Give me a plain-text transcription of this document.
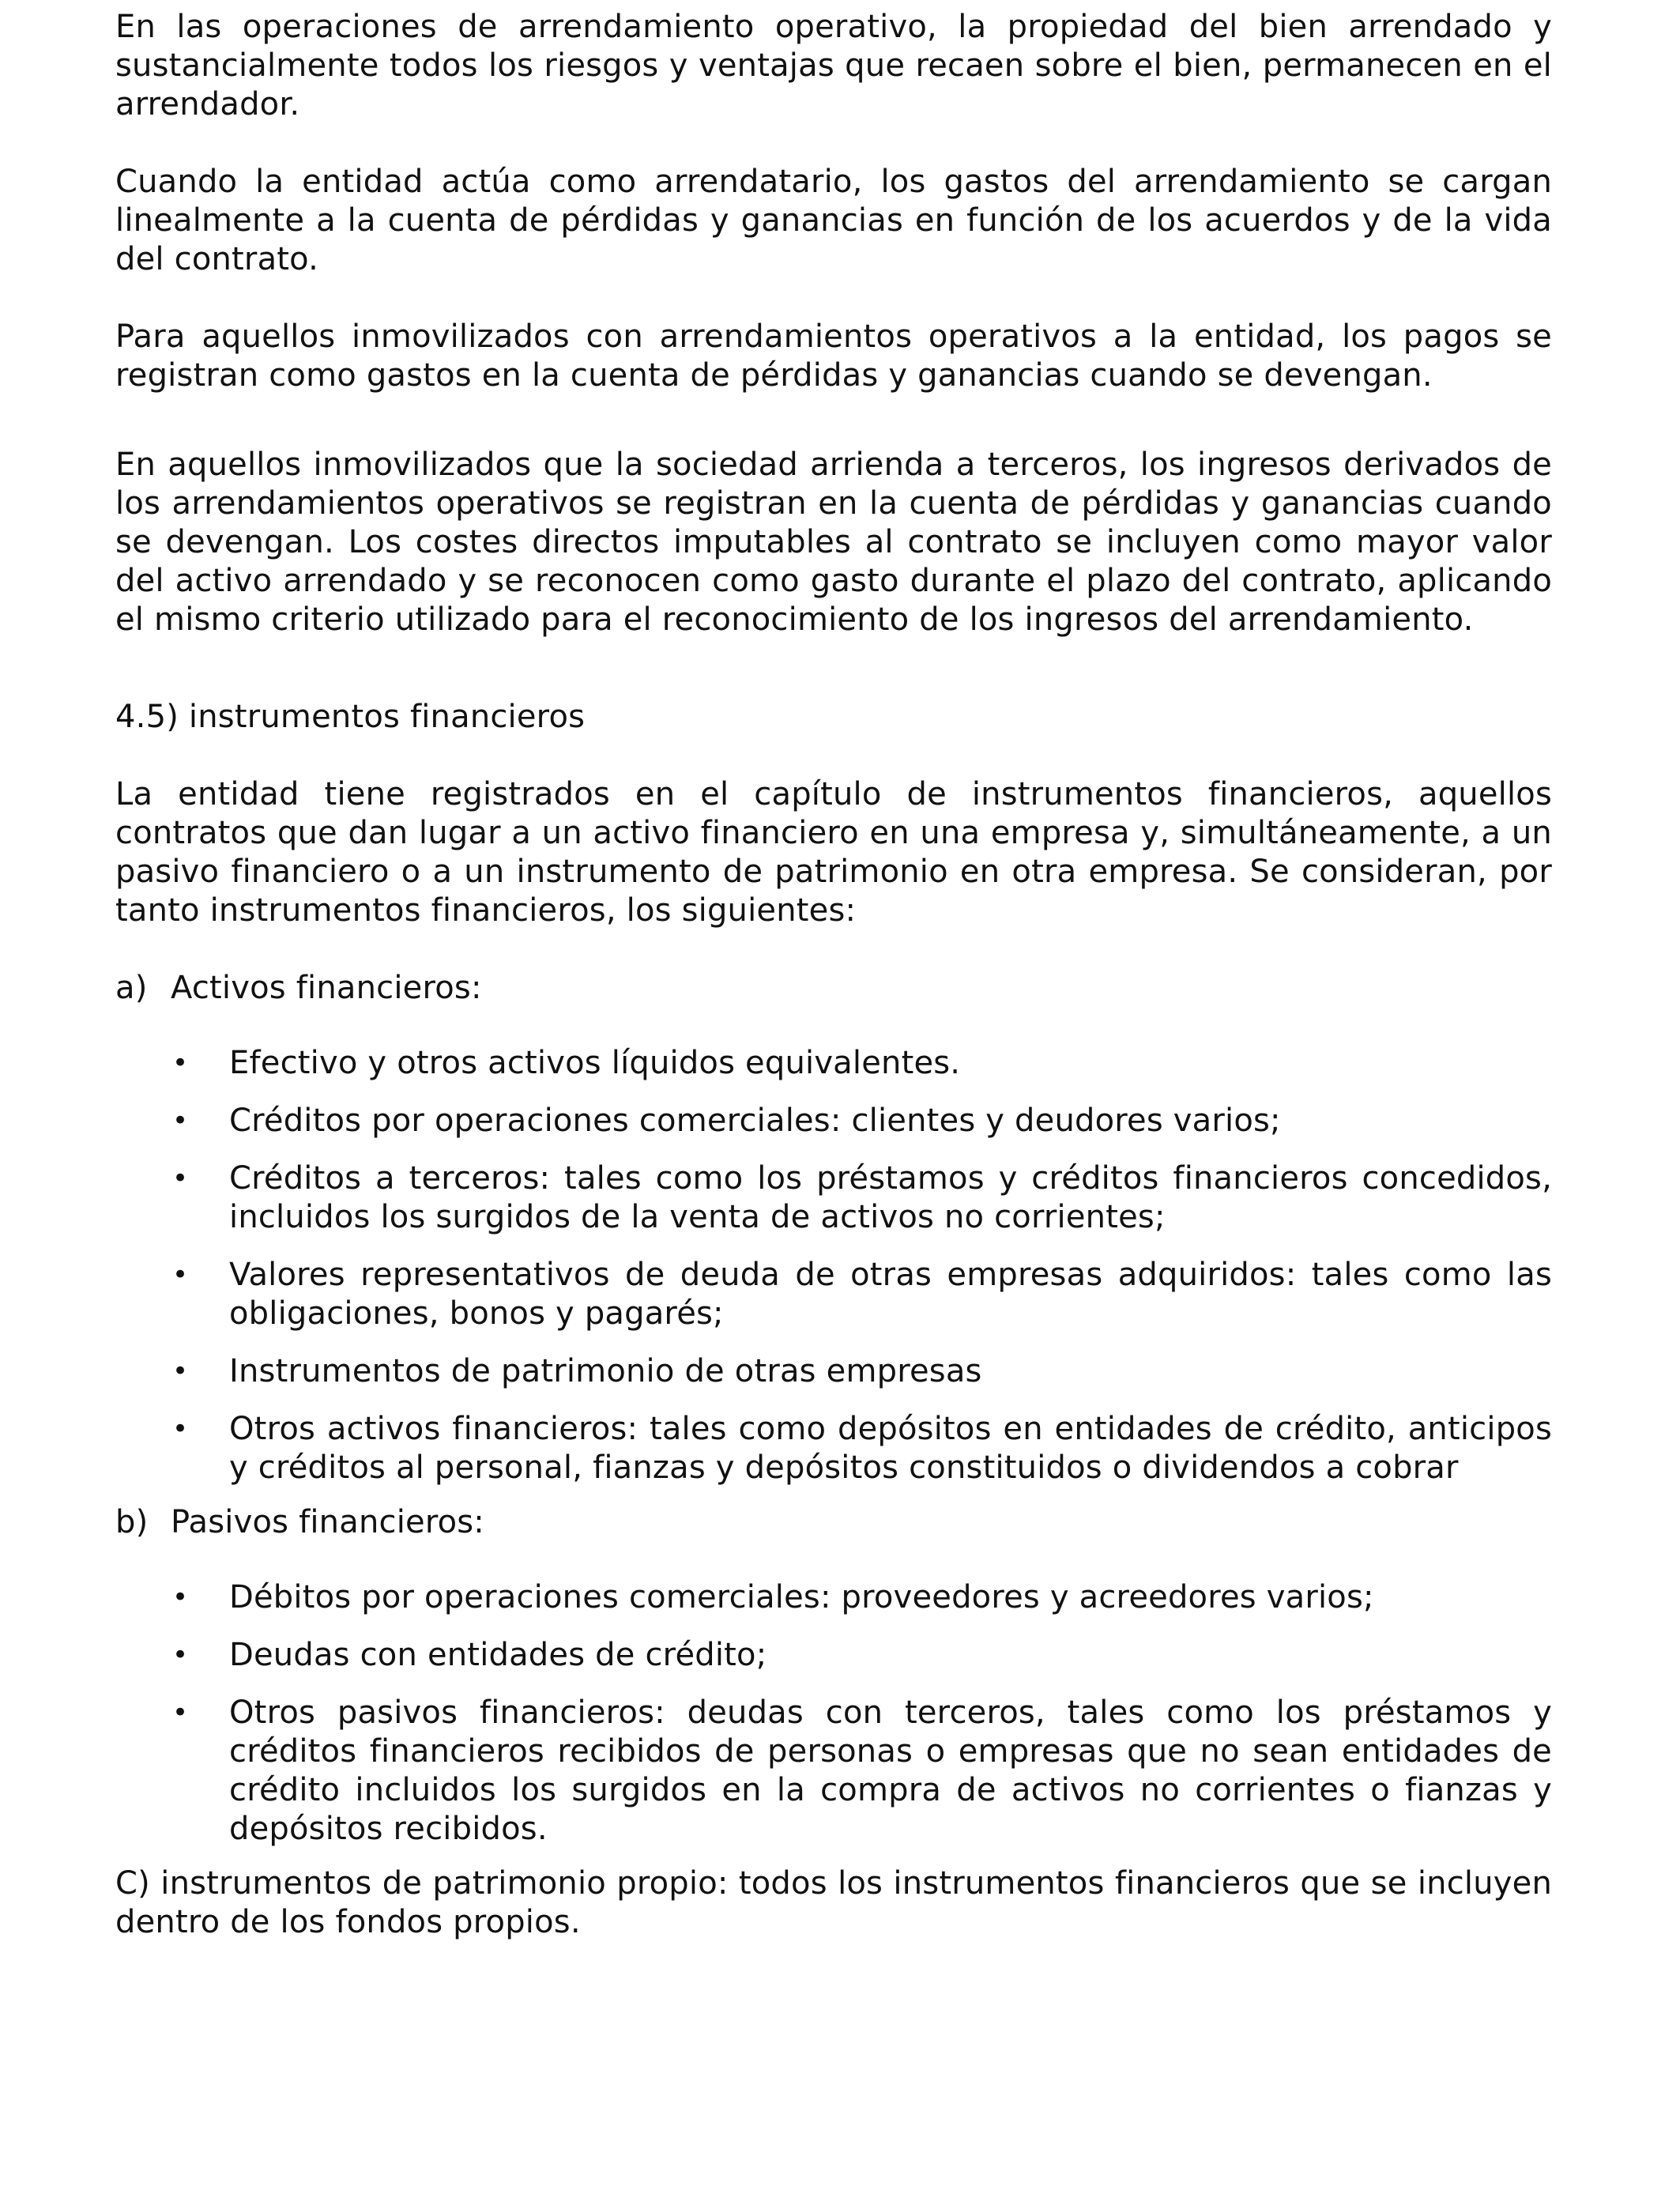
En las operaciones de arrendamiento operativo, la propiedad del bien arrendado y sustancialmente todos los riesgos y ventajas que recaen sobre el bien, permanecen en el arrendador.

Cuando la entidad actúa como arrendatario, los gastos del arrendamiento se cargan linealmente a la cuenta de pérdidas y ganancias en función de los acuerdos y de la vida del contrato.

Para aquellos inmovilizados con arrendamientos operativos a la entidad, los pagos se registran como gastos en la cuenta de pérdidas y ganancias cuando se devengan.

En aquellos inmovilizados que la sociedad arrienda a terceros, los ingresos derivados de los arrendamientos operativos se registran en la cuenta de pérdidas y ganancias cuando se devengan. Los costes directos imputables al contrato se incluyen como mayor valor del activo arrendado y se reconocen como gasto durante el plazo del contrato, aplicando el mismo criterio utilizado para el reconocimiento de los ingresos del arrendamiento.

4.5) instrumentos financieros

La entidad tiene registrados en el capítulo de instrumentos financieros, aquellos contratos que dan lugar a un activo financiero en una empresa y, simultáneamente, a un pasivo financiero o a un instrumento de patrimonio en otra empresa. Se consideran, por tanto instrumentos financieros, los siguientes:

a) Activos financieros:
•	Efectivo y otros activos líquidos equivalentes.
•	Créditos por operaciones comerciales: clientes y deudores varios;
•	Créditos a terceros: tales como los préstamos y créditos financieros concedidos, incluidos los surgidos de la venta de activos no corrientes;
•	Valores representativos de deuda de otras empresas adquiridos: tales como las obligaciones, bonos y pagarés;
•	Instrumentos de patrimonio de otras empresas
•	Otros activos financieros: tales como depósitos en entidades de crédito, anticipos y créditos al personal, fianzas y depósitos constituidos o dividendos a cobrar
b) Pasivos financieros:
•	Débitos por operaciones comerciales: proveedores y acreedores varios;
•	Deudas con entidades de crédito;
•	Otros pasivos financieros: deudas con terceros, tales como los préstamos y créditos financieros recibidos de personas o empresas que no sean entidades de crédito incluidos los surgidos en la compra de activos no corrientes o fianzas y depósitos recibidos.

C) instrumentos de patrimonio propio: todos los instrumentos financieros que se incluyen dentro de los fondos propios.
